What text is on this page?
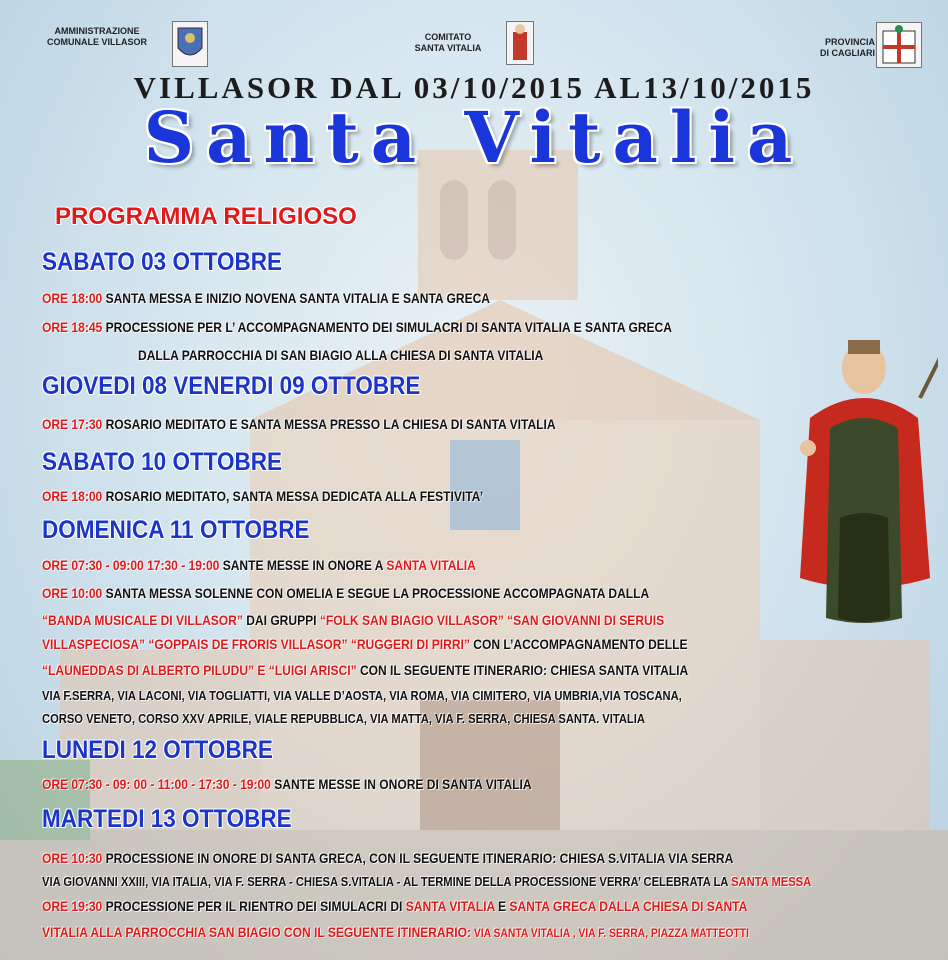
AMMINISTRAZIONE
COMUNALE VILLASOR	COMITATO
SANTA VITALIA
PROVINCIA
DI CAGLIARI
VILLASOR DAL 03/10/2015 AL13/10/2015
Santa Vitalia
PROGRAMMA RELIGIOSO
SABATO 03 OTTOBRE
ORE 18:00 SANTA MESSA E INIZIO NOVENA SANTA VITALIA E SANTA GRECA
ORE 18:45 PROCESSIONE PER L’ ACCOMPAGNAMENTO DEI SIMULACRI DI SANTA VITALIA E SANTA GRECA
DALLA PARROCCHIA DI SAN BIAGIO ALLA CHIESA DI SANTA VITALIA
GIOVEDI 08 VENERDI 09 OTTOBRE
ORE 17:30 ROSARIO MEDITATO E SANTA MESSA PRESSO LA CHIESA DI SANTA VITALIA
SABATO 10 OTTOBRE
ORE 18:00 ROSARIO MEDITATO, SANTA MESSA DEDICATA ALLA FESTIVITA’
DOMENICA 11 OTTOBRE
ORE 07:30 - 09:00 17:30 - 19:00 SANTE MESSE IN ONORE A SANTA VITALIA
ORE 10:00 SANTA MESSA SOLENNE CON OMELIA E SEGUE LA PROCESSIONE ACCOMPAGNATA DALLA
“BANDA MUSICALE DI VILLASOR” DAI GRUPPI “FOLK SAN BIAGIO VILLASOR” “SAN GIOVANNI DI SERUIS
VILLASPECIOSA” “GOPPAIS DE FRORIS VILLASOR” “RUGGERI DI PIRRI” CON L’ACCOMPAGNAMENTO DELLE
“LAUNEDDAS DI ALBERTO PILUDU” E “LUIGI ARISCI” CON IL SEGUENTE ITINERARIO: CHIESA SANTA VITALIA
VIA F.SERRA, VIA LACONI, VIA TOGLIATTI, VIA VALLE D’AOSTA, VIA ROMA, VIA CIMITERO, VIA UMBRIA,VIA TOSCANA,
CORSO VENETO, CORSO XXV APRILE, VIALE REPUBBLICA, VIA MATTA, VIA F. SERRA, CHIESA SANTA. VITALIA
LUNEDI 12 OTTOBRE
ORE 07:30 - 09: 00 - 11:00 - 17:30 - 19:00 SANTE MESSE IN ONORE DI SANTA VITALIA
MARTEDI 13 OTTOBRE
ORE 10:30 PROCESSIONE IN ONORE DI SANTA GRECA, CON IL SEGUENTE ITINERARIO: CHIESA S.VITALIA VIA SERRA
VIA GIOVANNI XXIII, VIA ITALIA, VIA F. SERRA - CHIESA S.VITALIA - AL TERMINE DELLA PROCESSIONE VERRA’ CELEBRATA LA SANTA MESSA
ORE 19:30 PROCESSIONE PER IL RIENTRO DEI SIMULACRI DI SANTA VITALIA E SANTA GRECA DALLA CHIESA DI SANTA
VITALIA ALLA PARROCCHIA SAN BIAGIO CON IL SEGUENTE ITINERARIO: VIA SANTA VITALIA , VIA F. SERRA, PIAZZA MATTEOTTI
